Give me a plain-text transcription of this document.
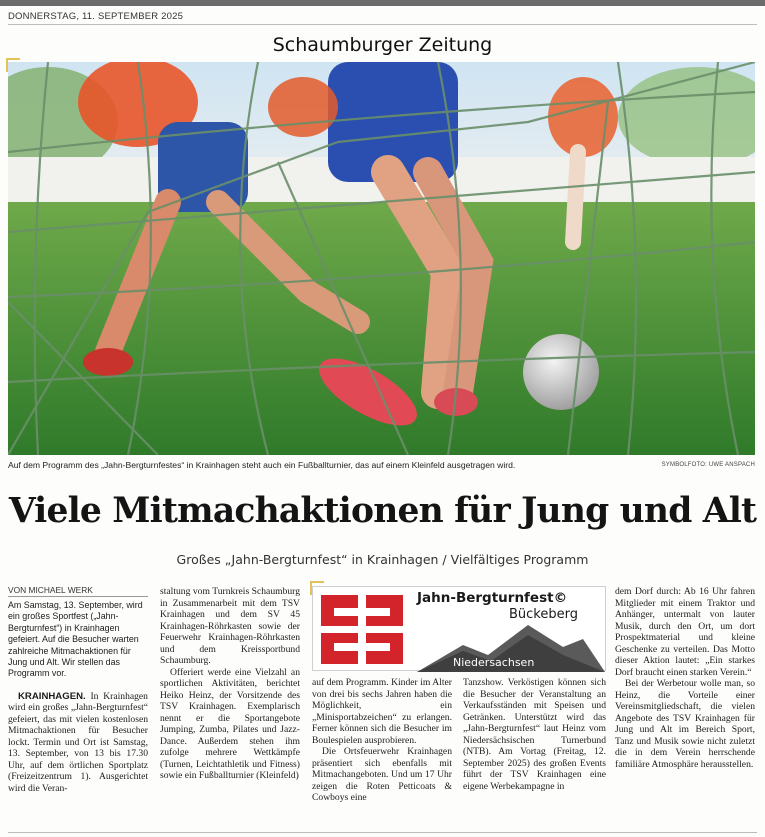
DONNERSTAG, 11. SEPTEMBER 2025
Schaumburger Zeitung
Auf dem Programm des „Jahn-Bergturnfestes“ in Krainhagen steht auch ein Fußballturnier, das auf einem Kleinfeld ausgetragen wird.	SYMBOLFOTO: UWE ANSPACH
Viele Mitmachaktionen für Jung und Alt
Großes „Jahn-Bergturnfest“ in Krainhagen / Vielfältiges Programm
VON MICHAEL WERK

Am Samstag, 13. September, wird ein großes Sportfest („Jahn-Bergturnfest“) in Krainhagen gefeiert. Auf die Besucher warten zahlreiche Mitmachaktionen für Jung und Alt. Wir stellen das Programm vor.

KRAINHAGEN. In Krainhagen wird ein großes „Jahn-Bergturnfest“ gefeiert, das mit vielen kostenlosen Mitmachaktionen für Besucher lockt. Termin und Ort ist Samstag, 13. September, von 13 bis 17.30 Uhr, auf dem örtlichen Sportplatz (Freizeitzentrum 1). Ausgerichtet wird die Veran-

staltung vom Turnkreis Schaumburg in Zusammenarbeit mit dem TSV Krainhagen und dem SV 45 Krainhagen-Röhrkasten sowie der Feuerwehr Krainhagen-Röhrkasten und dem Kreissportbund Schaumburg.

Offeriert werde eine Vielzahl an sportlichen Aktivitäten, berichtet Heiko Heinz, der Vorsitzende des TSV Krainhagen. Exemplarisch nennt er die Sportangebote Jumping, Zumba, Pilates und Jazz-Dance. Außerdem stehen ihm zufolge mehrere Wettkämpfe (Turnen, Leichtathletik und Fitness) sowie ein Fußballturnier (Kleinfeld)

Jahn-Bergturnfest©
Bückeberg
Niedersachsen

auf dem Programm. Kinder im Alter von drei bis sechs Jahren haben die Möglichkeit, ein „Minisportabzeichen“ zu erlangen. Ferner können sich die Besucher im Boulespielen ausprobieren.

Die Ortsfeuerwehr Krainhagen präsentiert sich ebenfalls mit Mitmachangeboten. Und um 17 Uhr zeigen die Roten Petticoats & Cowboys eine

Tanzshow. Verköstigen können sich die Besucher der Veranstaltung an Verkaufsständen mit Speisen und Getränken. Unterstützt wird das „Jahn-Bergturnfest“ laut Heinz vom Niedersächsischen Turnerbund (NTB). Am Vortag (Freitag, 12. September 2025) des großen Events führt der TSV Krainhagen eine eigene Werbekampagne in

dem Dorf durch: Ab 16 Uhr fahren Mitglieder mit einem Traktor und Anhänger, untermalt von lauter Musik, durch den Ort, um dort Prospektmaterial und kleine Geschenke zu verteilen. Das Motto dieser Aktion lautet: „Ein starkes Dorf braucht einen starken Verein.“

Bei der Werbetour wolle man, so Heinz, die Vorteile einer Vereinsmitgliedschaft, die vielen Angebote des TSV Krainhagen für Jung und Alt im Bereich Sport, Tanz und Musik sowie nicht zuletzt die in dem Verein herrschende familiäre Atmosphäre herausstellen.
